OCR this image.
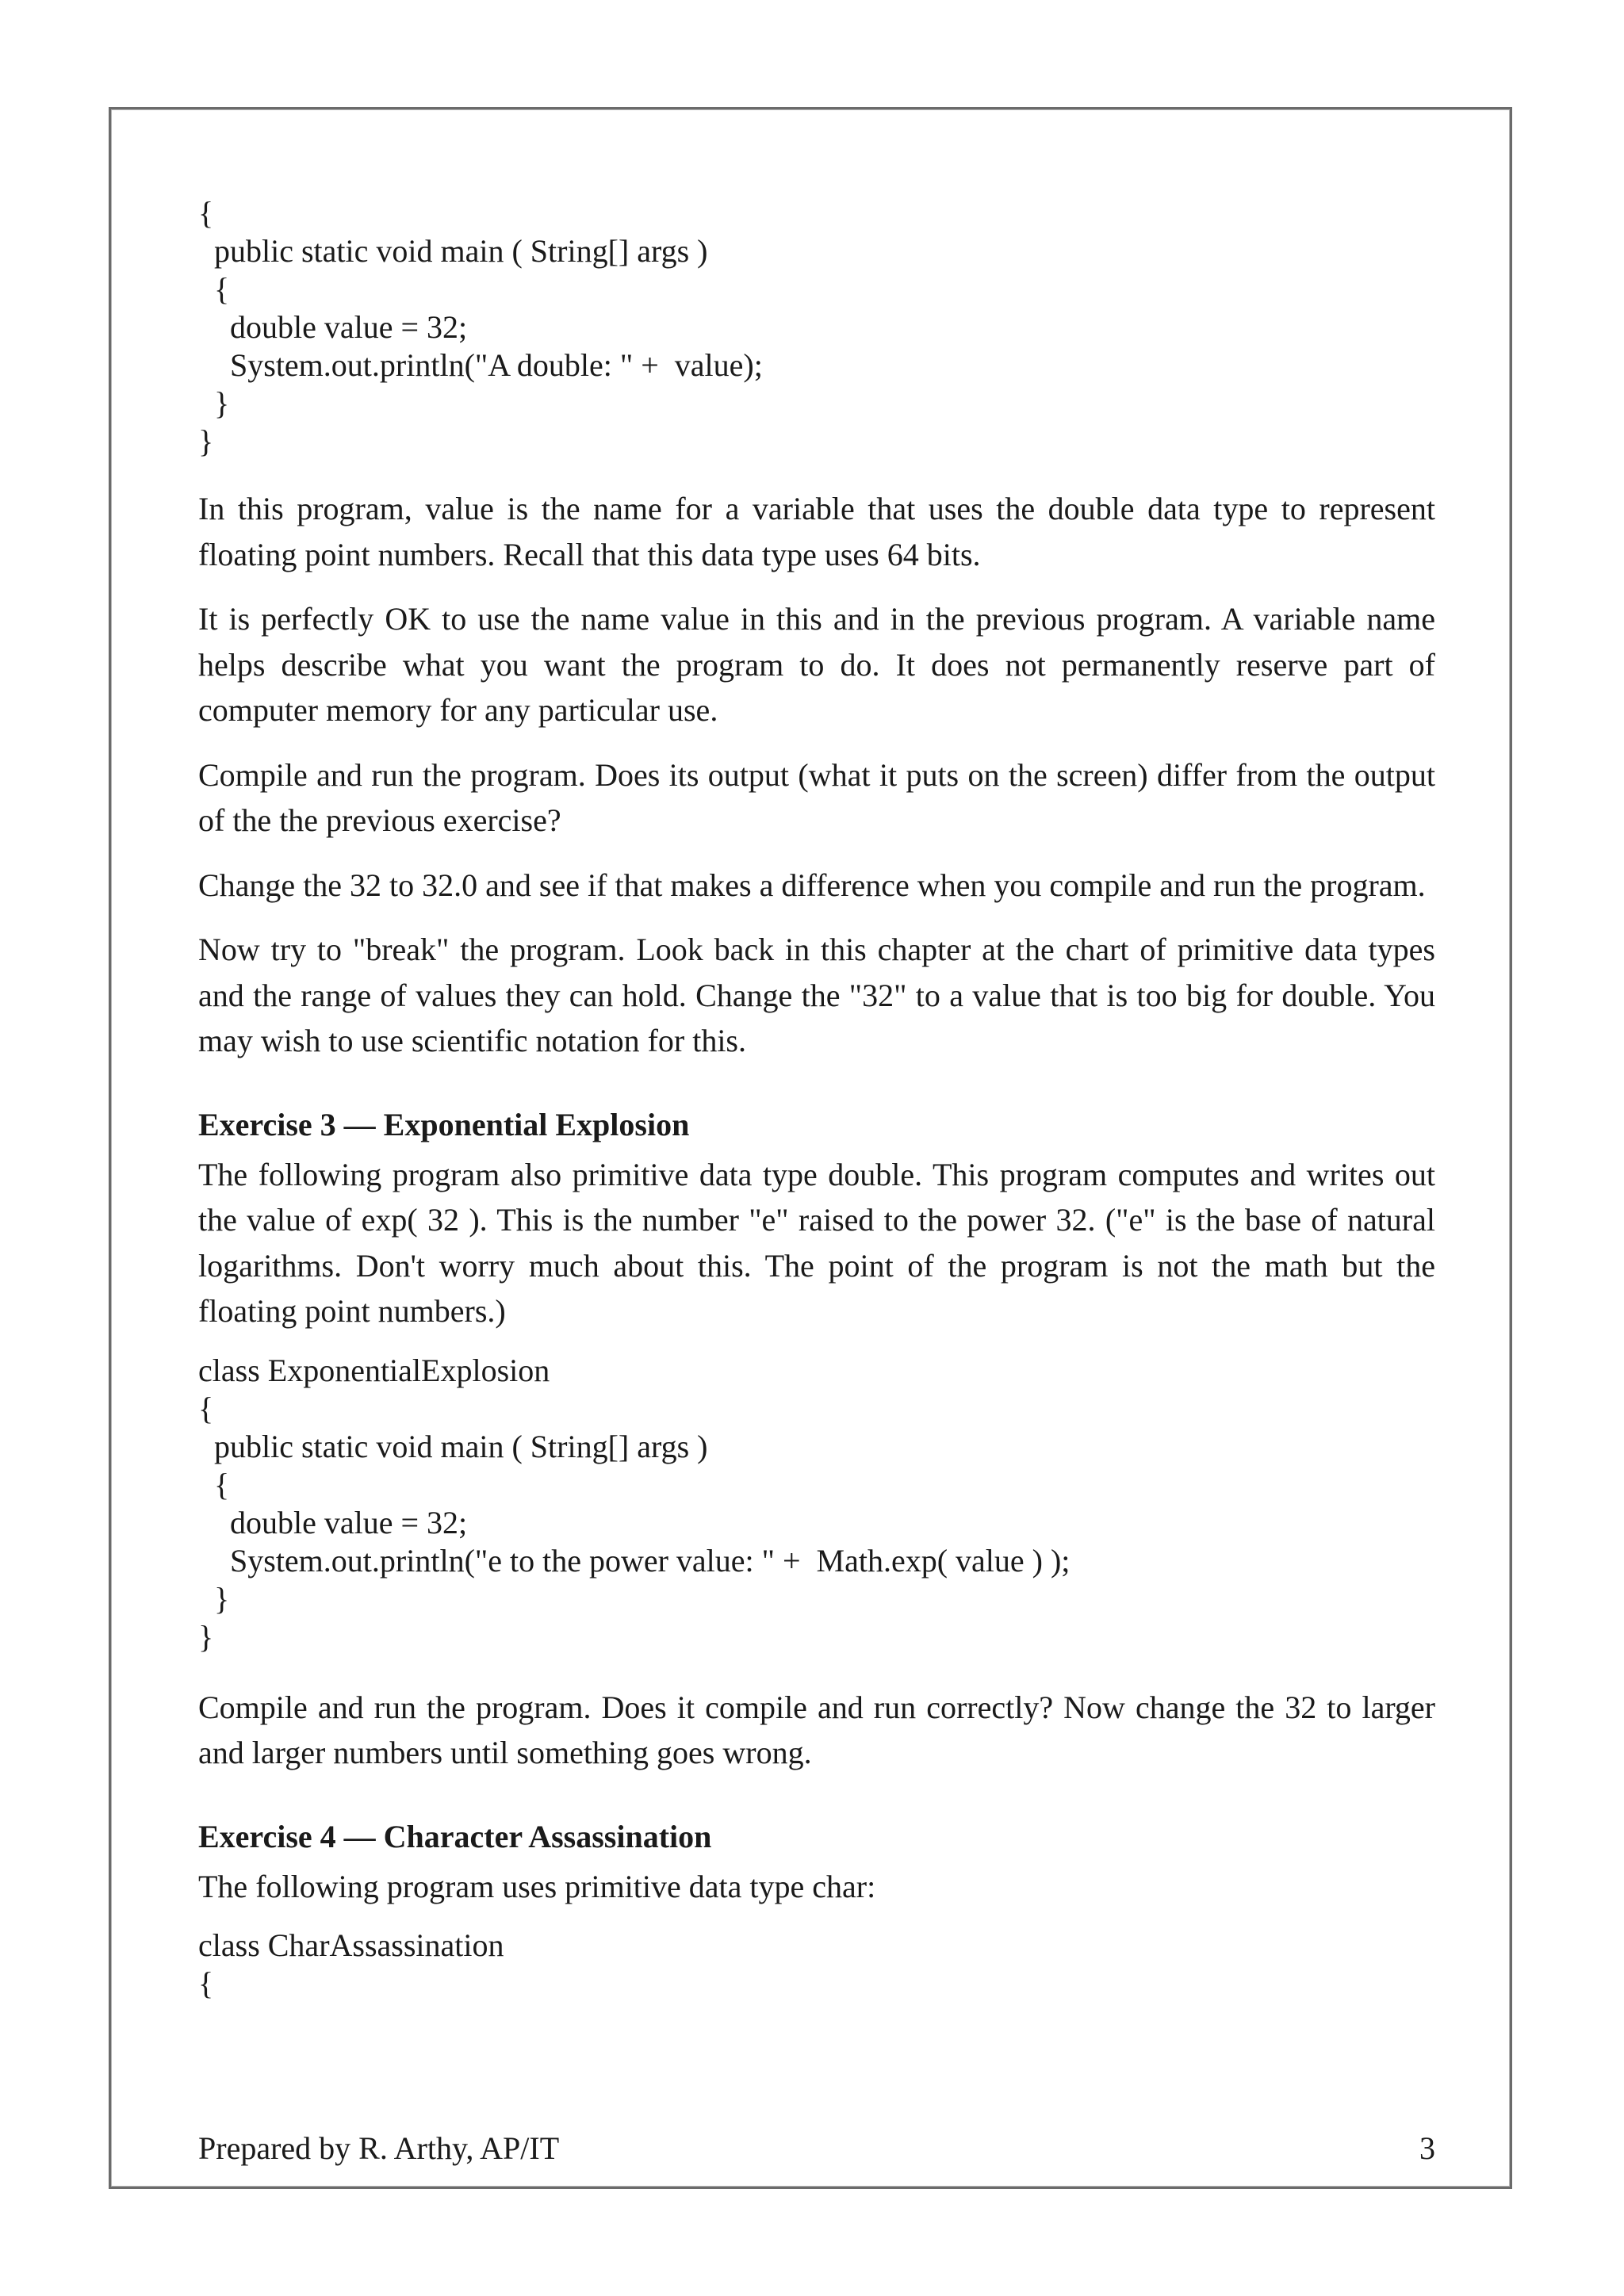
{
public static void main ( String[] args )
{
double value = 32;
System.out.println("A double: " +  value);
}
}

In this program, value is the name for a variable that uses the double data type to represent floating point numbers. Recall that this data type uses 64 bits.

It is perfectly OK to use the name value in this and in the previous program. A variable name helps describe what you want the program to do. It does not permanently reserve part of computer memory for any particular use.

Compile and run the program. Does its output (what it puts on the screen) differ from the output of the the previous exercise?

Change the 32 to 32.0 and see if that makes a difference when you compile and run the program.

Now try to "break" the program. Look back in this chapter at the chart of primitive data types and the range of values they can hold. Change the "32" to a value that is too big for double. You may wish to use scientific notation for this.

Exercise 3 — Exponential Explosion

The following program also primitive data type double. This program computes and writes out the value of exp( 32 ). This is the number "e" raised to the power 32. ("e" is the base of natural logarithms. Don't worry much about this. The point of the program is not the math but the floating point numbers.)

class ExponentialExplosion
{
public static void main ( String[] args )
{
double value = 32;
System.out.println("e to the power value: " +  Math.exp( value ) );
}
}

Compile and run the program. Does it compile and run correctly? Now change the 32 to larger and larger numbers until something goes wrong.

Exercise 4 — Character Assassination

The following program uses primitive data type char:

class CharAssassination
{
Prepared by R. Arthy, AP/IT	3
